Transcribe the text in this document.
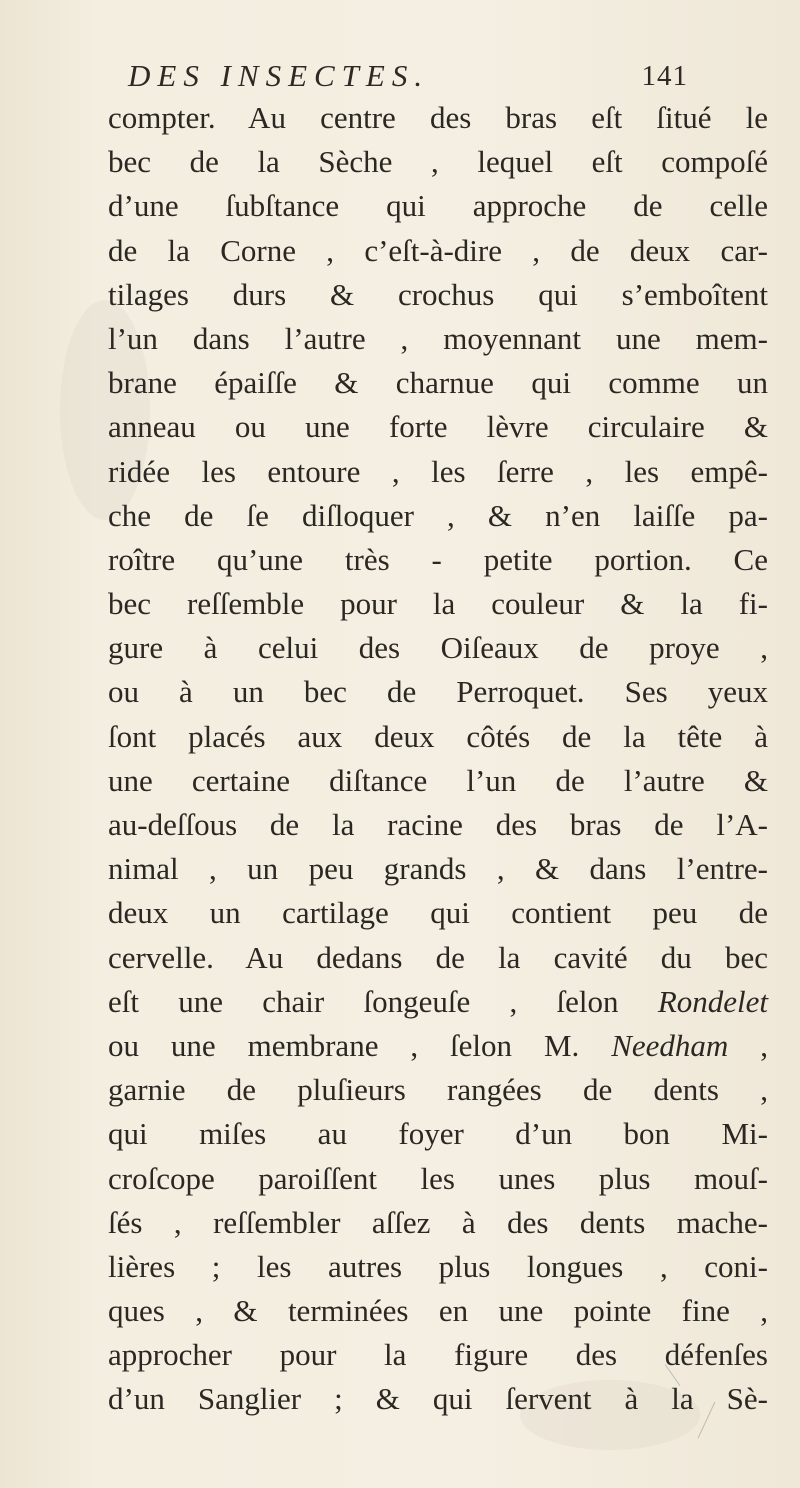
DES INSECTES.	141
compter. Au centre des bras eſt ſitué le
bec de la Sèche , lequel eſt compoſé
d’une ſubſtance qui approche de celle
de la Corne , c’eſt-à-dire , de deux car-
tilages durs & crochus qui s’emboîtent
l’un dans l’autre , moyennant une mem-
brane épaiſſe & charnue qui comme un
anneau ou une forte lèvre circulaire &
ridée les entoure , les ſerre , les empê-
che de ſe diſloquer , & n’en laiſſe pa-
roître qu’une très - petite portion. Ce
bec reſſemble pour la couleur & la fi-
gure à celui des Oiſeaux de proye ,
ou à un bec de Perroquet. Ses yeux
ſont placés aux deux côtés de la tête à
une certaine diſtance l’un de l’autre &
au-deſſous de la racine des bras de l’A-
nimal , un peu grands , & dans l’entre-
deux un cartilage qui contient peu de
cervelle. Au dedans de la cavité du bec
eſt une chair ſongeuſe , ſelon Rondelet
ou une membrane , ſelon M. Needham ,
garnie de pluſieurs rangées de dents ,
qui miſes au foyer d’un bon Mi-
croſcope paroiſſent les unes plus mouſ-
ſés , reſſembler aſſez à des dents mache-
lières ; les autres plus longues , coni-
ques , & terminées en une pointe fine ,
approcher pour la figure des défenſes
d’un Sanglier ; & qui ſervent à la Sè-
